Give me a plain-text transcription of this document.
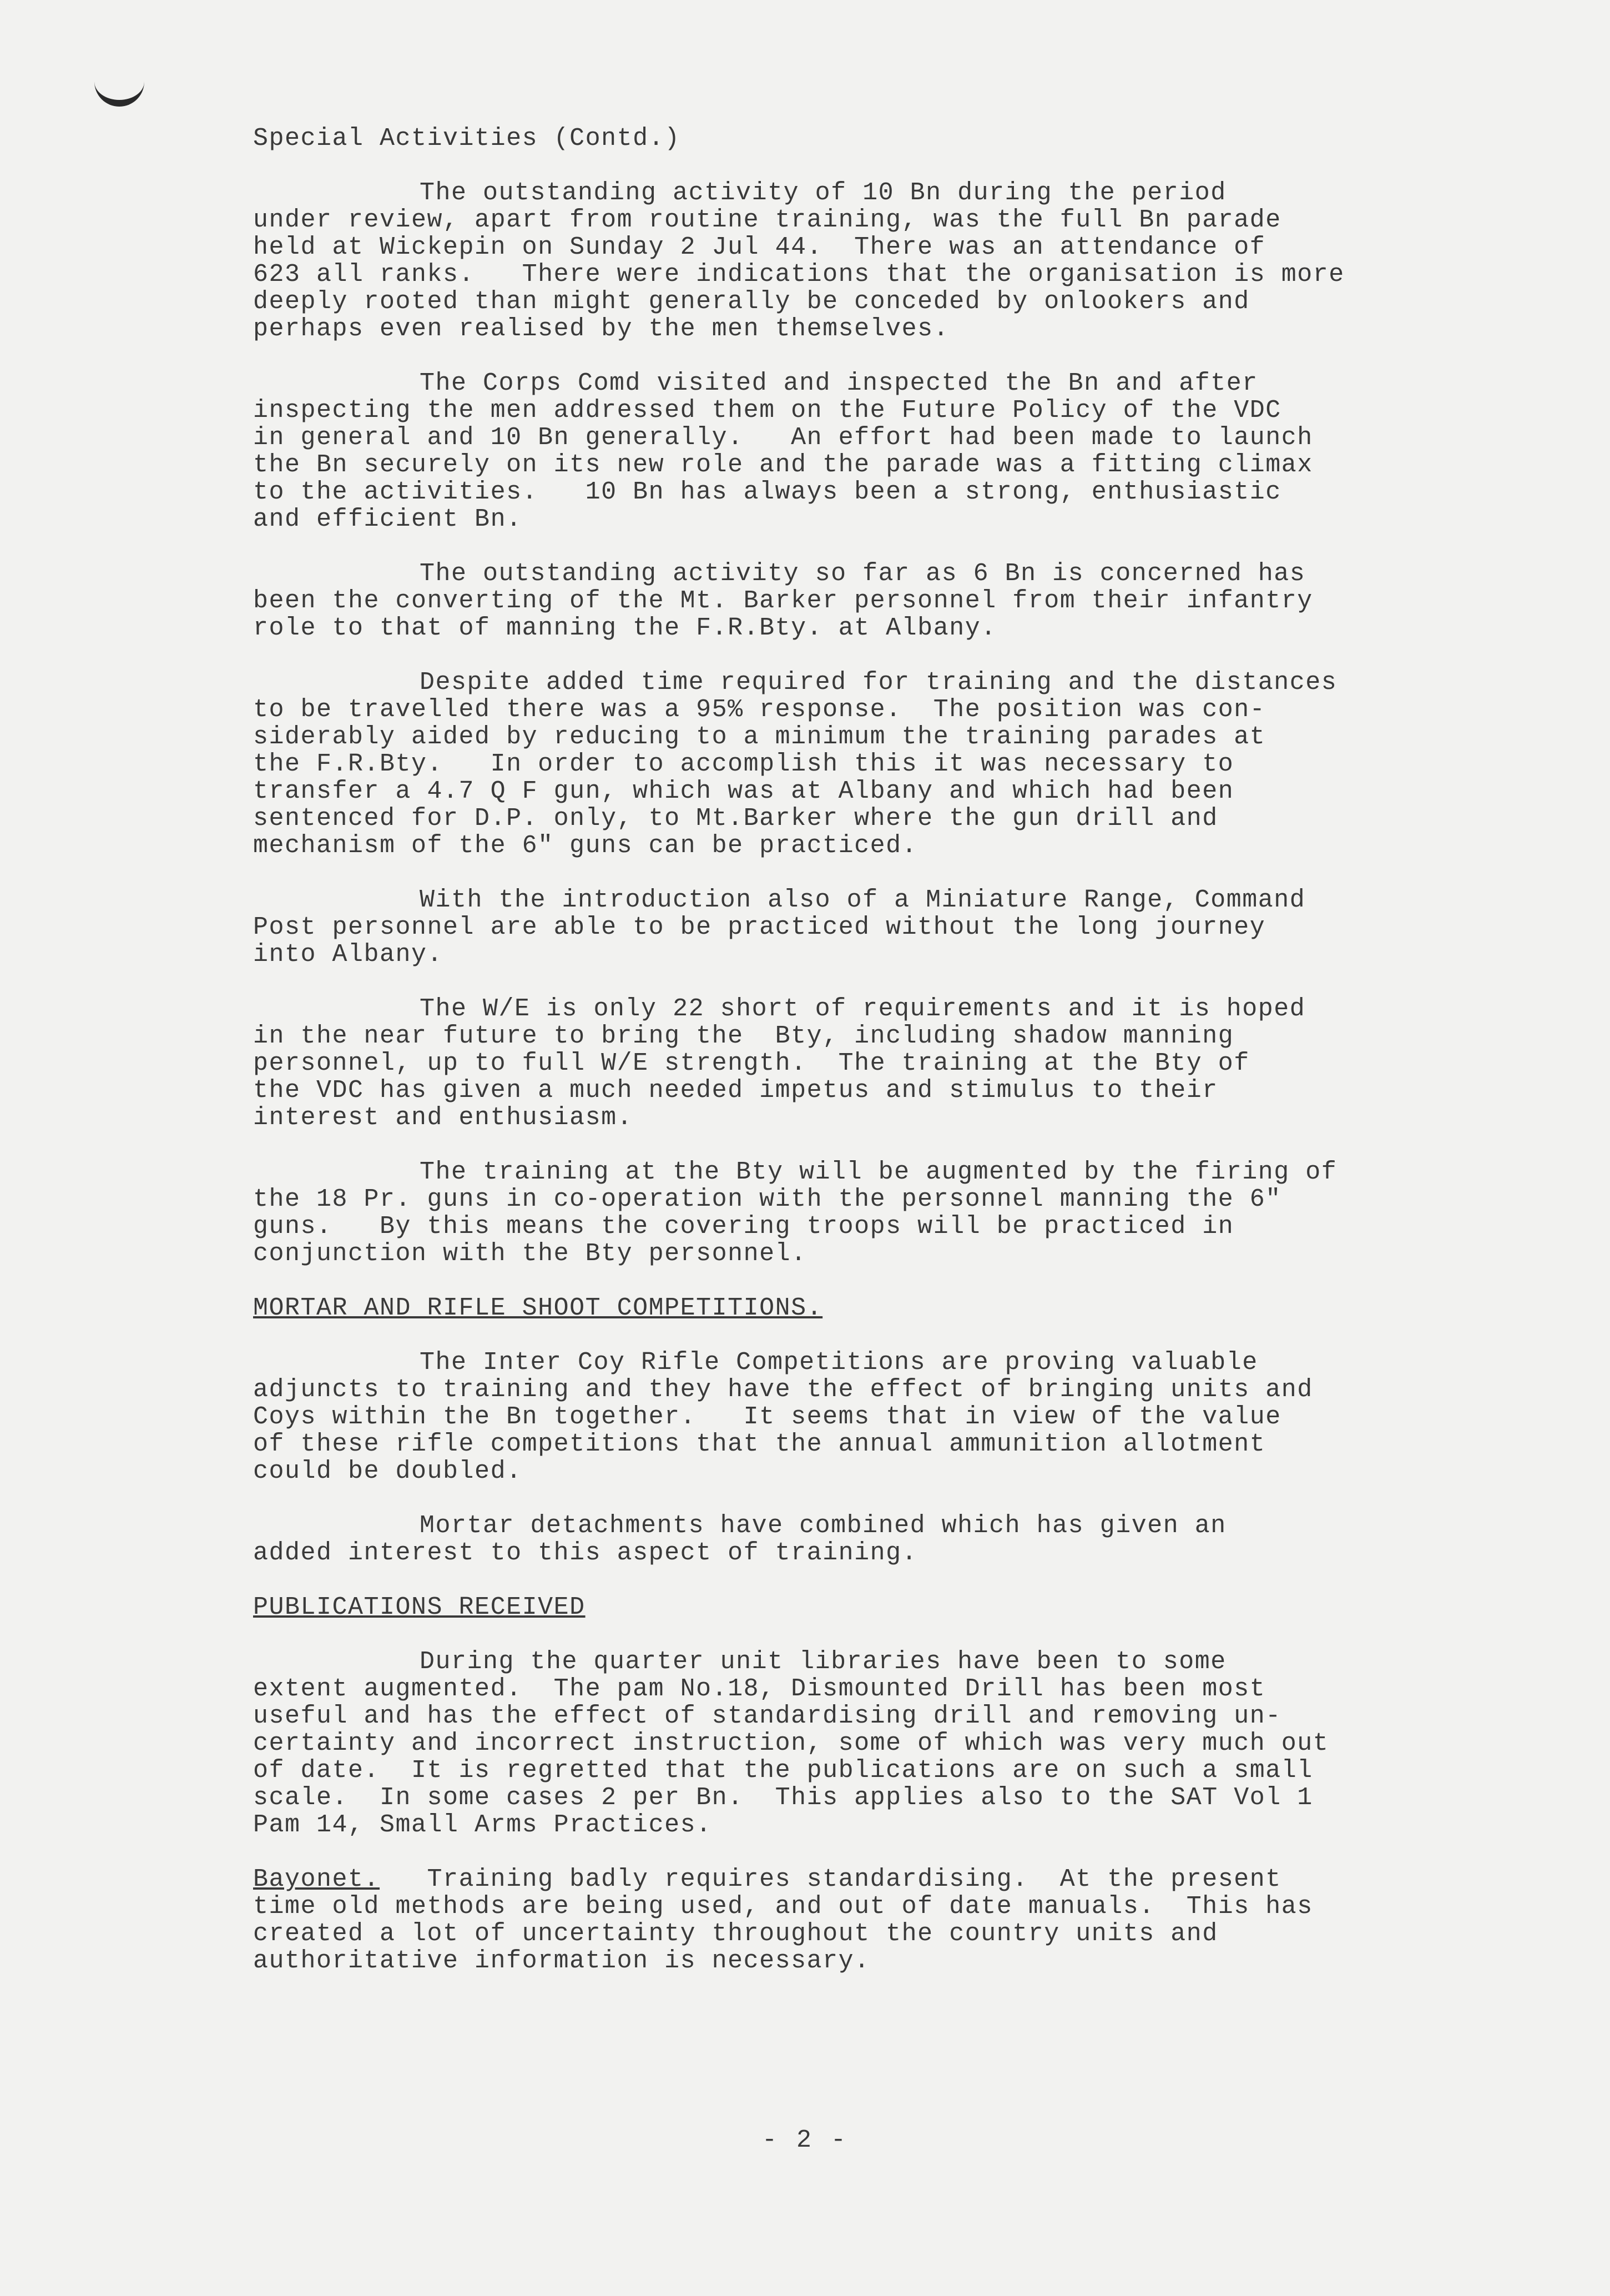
Special Activities (Contd.)
The outstanding activity of 10 Bn during the period
under review, apart from routine training, was the full Bn parade
held at Wickepin on Sunday 2 Jul 44.  There was an attendance of
623 all ranks.   There were indications that the organisation is more
deeply rooted than might generally be conceded by onlookers and
perhaps even realised by the men themselves.
The Corps Comd visited and inspected the Bn and after
inspecting the men addressed them on the Future Policy of the VDC
in general and 10 Bn generally.   An effort had been made to launch
the Bn securely on its new role and the parade was a fitting climax
to the activities.   10 Bn has always been a strong, enthusiastic
and efficient Bn.
The outstanding activity so far as 6 Bn is concerned has
been the converting of the Mt. Barker personnel from their infantry
role to that of manning the F.R.Bty. at Albany.
Despite added time required for training and the distances
to be travelled there was a 95% response.  The position was con-
siderably aided by reducing to a minimum the training parades at
the F.R.Bty.   In order to accomplish this it was necessary to
transfer a 4.7 Q F gun, which was at Albany and which had been
sentenced for D.P. only, to Mt.Barker where the gun drill and
mechanism of the 6" guns can be practiced.
With the introduction also of a Miniature Range, Command
Post personnel are able to be practiced without the long journey
into Albany.
The W/E is only 22 short of requirements and it is hoped
in the near future to bring the  Bty, including shadow manning
personnel, up to full W/E strength.  The training at the Bty of
the VDC has given a much needed impetus and stimulus to their
interest and enthusiasm.
The training at the Bty will be augmented by the firing of
the 18 Pr. guns in co-operation with the personnel manning the 6"
guns.   By this means the covering troops will be practiced in
conjunction with the Bty personnel.
MORTAR AND RIFLE SHOOT COMPETITIONS.
The Inter Coy Rifle Competitions are proving valuable
adjuncts to training and they have the effect of bringing units and
Coys within the Bn together.   It seems that in view of the value
of these rifle competitions that the annual ammunition allotment
could be doubled.
Mortar detachments have combined which has given an
added interest to this aspect of training.
PUBLICATIONS RECEIVED
During the quarter unit libraries have been to some
extent augmented.  The pam No.18, Dismounted Drill has been most
useful and has the effect of standardising drill and removing un-
certainty and incorrect instruction, some of which was very much out
of date.  It is regretted that the publications are on such a small
scale.  In some cases 2 per Bn.  This applies also to the SAT Vol 1
Pam 14, Small Arms Practices.
Bayonet.   Training badly requires standardising.  At the present
time old methods are being used, and out of date manuals.  This has
created a lot of uncertainty throughout the country units and
authoritative information is necessary.
- 2 -
